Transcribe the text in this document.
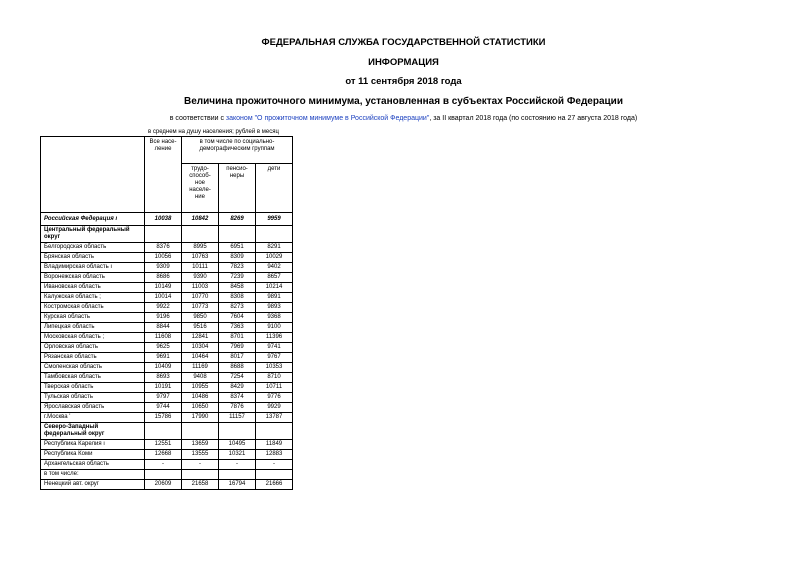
ФЕДЕРАЛЬНАЯ СЛУЖБА ГОСУДАРСТВЕННОЙ СТАТИСТИКИ
ИНФОРМАЦИЯ
от 11 сентября 2018 года
Величина прожиточного минимума, установленная в субъектах Российской Федерации
в соответствии с законом "О прожиточном минимуме в Российской Федерации", за II квартал 2018 года (по состоянию на 27 августа 2018 года)
в среднем на душу населения; рублей в месяц
	Все насе- ление	в том числе по социально- демографическим группам		
		трудо- способ- ное населе- ние	пенсио- неры	дети
Российская Федерация ı	10038	10842	8269	9959
Центральный федеральный округ				
Белгородская область	8376	8995	6951	8291
Брянская область	10056	10763	8309	10029
Владимирская область ı	9309	10111	7823	9402
Воронежская область	8686	9390	7239	8657
Ивановская область	10149	11003	8458	10214
Калужская область ;	10014	10770	8308	9891
Костромская область	9922	10773	8273	9893
Курская область	9196	9850	7604	9368
Липецкая область	8844	9516	7363	9100
Московская область ;	11608	12841	8701	11396
Орловская область	9625	10304	7969	9741
Рязанская область	9691	10464	8017	9767
Смоленская область	10409	11169	8688	10353
Тамбовская область	8693	9408	7254	8710
Тверская область	10191	10955	8429	10711
Тульская область	9797	10486	8374	9776
Ярославская область	9744	10650	7876	9929
г.Москва '	15786	17990	11157	13787
Северо-Западный федеральный округ				
Республика Карелия ı	12551	13659	10495	11849
Республика Коми	12668	13555	10321	12883
Архангельская область	-	-	-	-
в том числе:				
Ненецкий авт. округ	20609	21658	16794	21666
